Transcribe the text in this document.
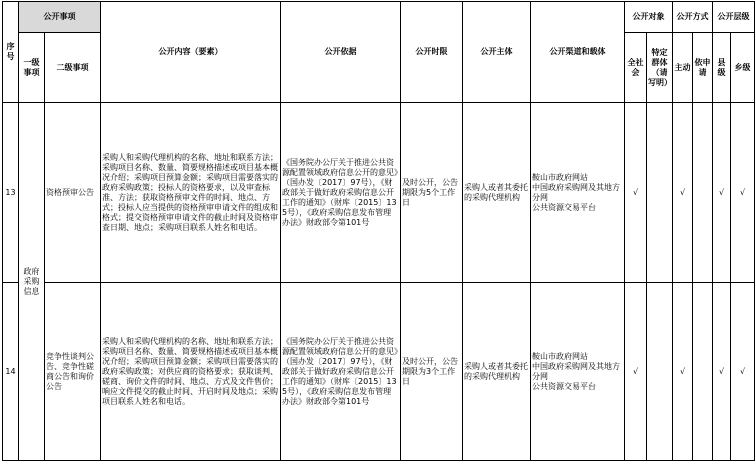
序号	公开事项		公开内容（要素）	公开依据	公开时限	公开主体	公开渠道和载体	公开对象		公开方式		公开层级	
	一级事项	二级事项						全社会	特定群体（请写明）	主动	依申请	县级	乡级

13	政府采购信息	资格预审公告	采购人和采购代理机构的名称、地址和联系方法；采购项目名称、数量、简要规格描述或项目基本概况介绍；采购项目预算金额；采购项目需要落实的政府采购政策；投标人的资格要求，以及审查标准、方法；获取资格预审文件的时间、地点、方式；投标人应当提供的资格预审申请文件的组成和格式；提交资格预审申请文件的截止时间及资格审查日期、地点；采购项目联系人姓名和电话。	《国务院办公厅关于推进公共资源配置领域政府信息公开的意见》（国办发〔2017〕97号），《财政部关于做好政府采购信息公开工作的通知》（财库〔2015〕135号），《政府采购信息发布管理办法》财政部令第101号	及时公开，公告期限为5个工作日	采购人或者其委托的采购代理机构	鞍山市政府网站
中国政府采购网及其地方分网
公共资源交易平台	√		√		√	√
14		竞争性谈判公告、竞争性磋商公告和询价公告	采购人和采购代理机构的名称、地址和联系方法；采购项目名称、数量、简要规格描述或项目基本概况介绍；采购项目预算金额；采购项目需要落实的政府采购政策；对供应商的资格要求；获取谈判、磋商、询价文件的时间、地点、方式及文件售价；响应文件提交的截止时间、开启时间及地点；采购项目联系人姓名和电话。	《国务院办公厅关于推进公共资源配置领域政府信息公开的意见》（国办发〔2017〕97号），《财政部关于做好政府采购信息公开工作的通知》（财库〔2015〕135号），《政府采购信息发布管理办法》财政部令第101号	及时公开，公告期限为3个工作日	采购人或者其委托的采购代理机构	鞍山市政府网站
中国政府采购网及其地方分网
公共资源交易平台	√		√		√	√
